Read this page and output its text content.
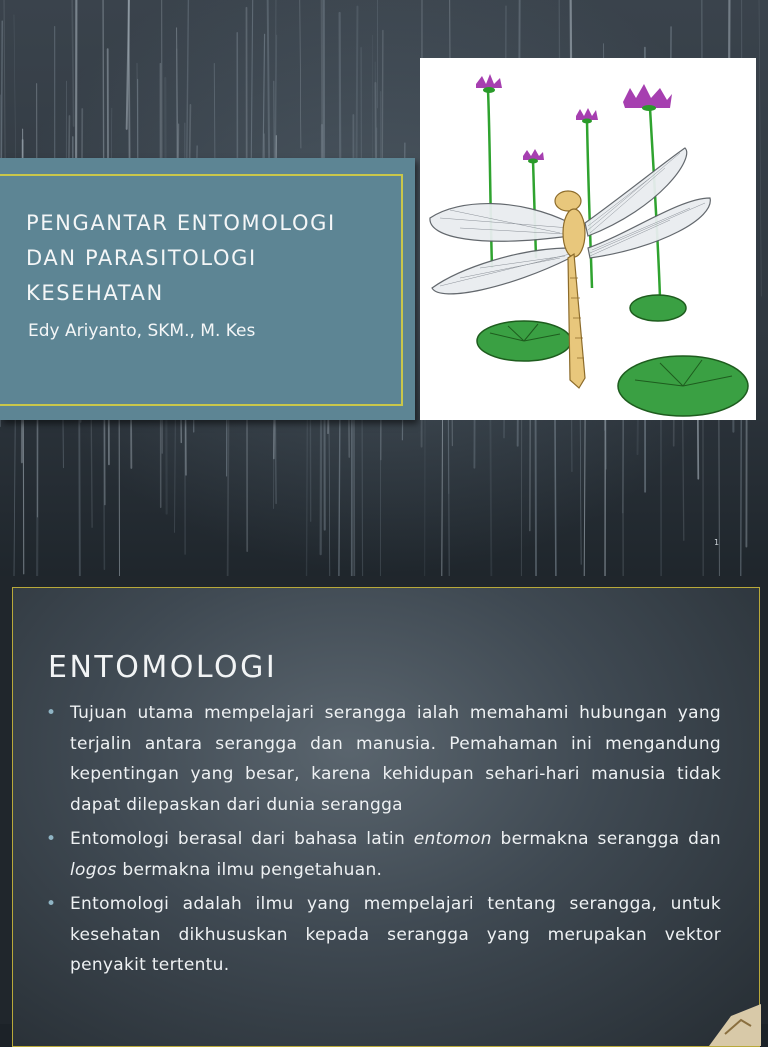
PENGANTAR ENTOMOLOGI
DAN PARASITOLOGI
KESEHATAN
Edy Ariyanto, SKM., M. Kes
1
ENTOMOLOGI
• Tujuan utama mempelajari serangga ialah memahami hubungan yang terjalin antara serangga dan manusia. Pemahaman ini mengandung kepentingan yang besar, karena kehidupan sehari-hari manusia tidak dapat dilepaskan dari dunia serangga
• Entomologi berasal dari bahasa latin entomon bermakna serangga dan logos bermakna ilmu pengetahuan.
• Entomologi adalah ilmu yang mempelajari tentang serangga, untuk kesehatan dikhususkan kepada serangga yang merupakan vektor penyakit tertentu.
